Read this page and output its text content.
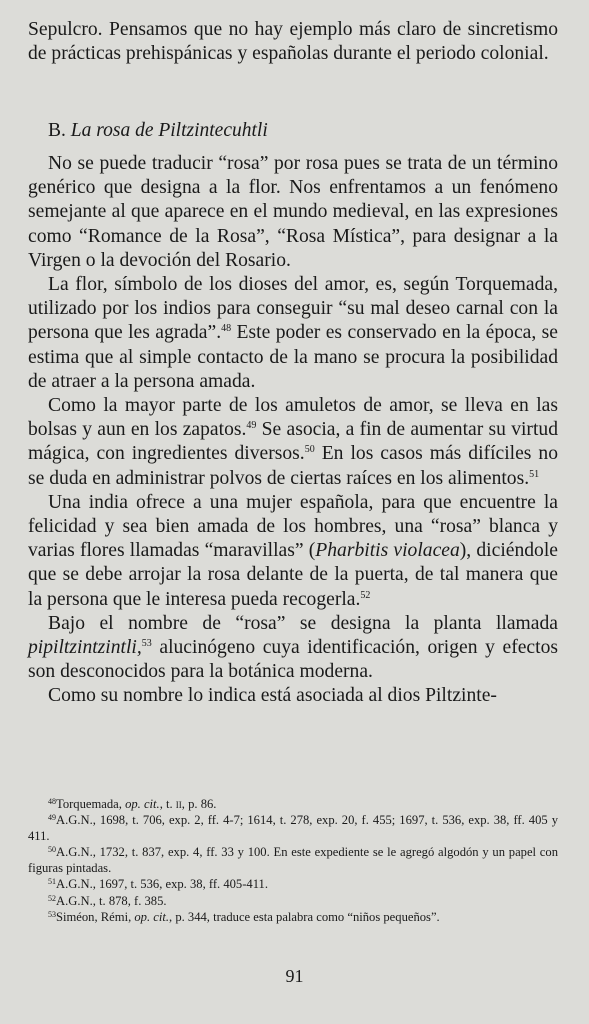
Sepulcro. Pensamos que no hay ejemplo más claro de sincretismo de prácticas prehispánicas y españolas durante el periodo colonial.

B. La rosa de Piltzintecuhtli

No se puede traducir “rosa” por rosa pues se trata de un término genérico que designa a la flor. Nos enfrentamos a un fenómeno semejante al que aparece en el mundo medieval, en las expresiones como “Romance de la Rosa”, “Rosa Mística”, para designar a la Virgen o la devoción del Rosario.

La flor, símbolo de los dioses del amor, es, según Torquemada, utilizado por los indios para conseguir “su mal deseo carnal con la persona que les agrada”.$^{48}$ Este poder es conservado en la época, se estima que al simple contacto de la mano se procura la posibilidad de atraer a la persona amada.

Como la mayor parte de los amuletos de amor, se lleva en las bolsas y aun en los zapatos.$^{49}$ Se asocia, a fin de aumentar su virtud mágica, con ingredientes diversos.$^{50}$ En los casos más difíciles no se duda en administrar polvos de ciertas raíces en los alimentos.$^{51}$

Una india ofrece a una mujer española, para que encuentre la felicidad y sea bien amada de los hombres, una “rosa” blanca y varias flores llamadas “maravillas” (Pharbitis violacea), diciéndole que se debe arrojar la rosa delante de la puerta, de tal manera que la persona que le interesa pueda recogerla.$^{52}$

Bajo el nombre de “rosa” se designa la planta llamada pipiltzintzintli,$^{53}$ alucinógeno cuya identificación, origen y efectos son desconocidos para la botánica moderna.

Como su nombre lo indica está asociada al dios Piltzinte-

$^{48}$Torquemada, op. cit., t. ii, p. 86.

$^{49}$A.G.N., 1698, t. 706, exp. 2, ff. 4-7; 1614, t. 278, exp. 20, f. 455; 1697, t. 536, exp. 38, ff. 405 y 411.

$^{50}$A.G.N., 1732, t. 837, exp. 4, ff. 33 y 100. En este expediente se le agregó algodón y un papel con figuras pintadas.

$^{51}$A.G.N., 1697, t. 536, exp. 38, ff. 405-411.

$^{52}$A.G.N., t. 878, f. 385.

$^{53}$Siméon, Rémi, op. cit., p. 344, traduce esta palabra como “niños pequeños”.

91
